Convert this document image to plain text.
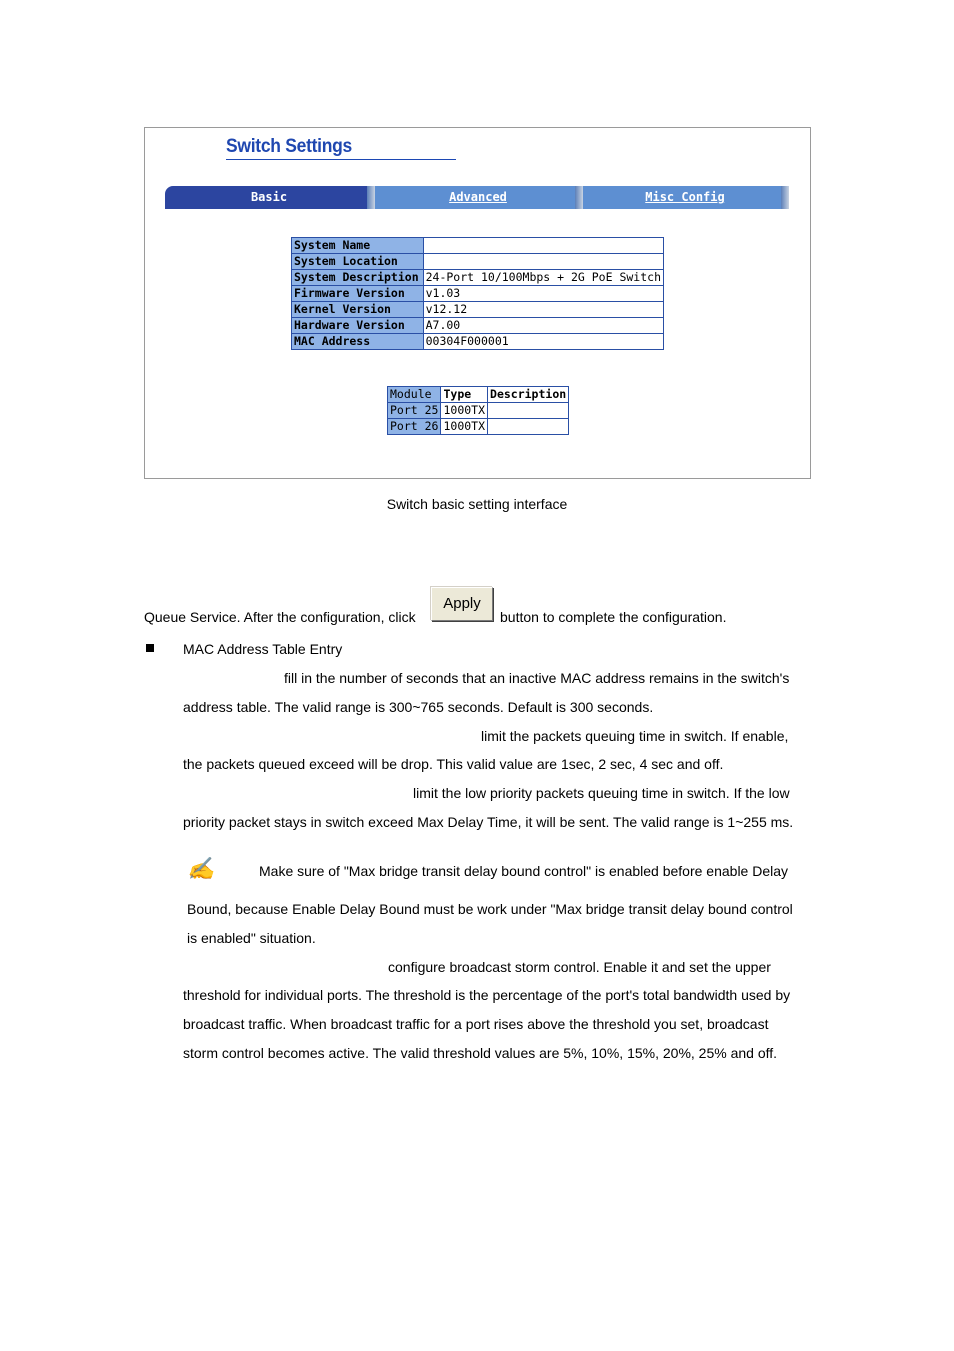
Switch Settings
Basic	Advanced	Misc Config
System Name	
System Location	
System Description	24-Port 10/100Mbps + 2G PoE Switch
Firmware Version	v1.03
Kernel Version	v12.12
Hardware Version	A7.00
MAC Address	00304F000001
Module	Type	Description
Port 25	1000TX	
Port 26	1000TX	
Switch basic setting interface
Queue Service. After the configuration, click
Apply
button to complete the configuration.
MAC Address Table Entry
fill in the number of seconds that an inactive MAC address remains in the switch's
address table. The valid range is 300~765 seconds. Default is 300 seconds.
limit the packets queuing time in switch. If enable,
the packets queued exceed will be drop. This valid value are 1sec, 2 sec, 4 sec and off.
limit the low priority packets queuing time in switch. If the low
priority packet stays in switch exceed Max Delay Time, it will be sent. The valid range is 1~255 ms.
✍	Make sure of "Max bridge transit delay bound control" is enabled before enable Delay
Bound, because Enable Delay Bound must be work under "Max bridge transit delay bound control
is enabled" situation.
configure broadcast storm control. Enable it and set the upper
threshold for individual ports. The threshold is the percentage of the port's total bandwidth used by
broadcast traffic. When broadcast traffic for a port rises above the threshold you set, broadcast
storm control becomes active. The valid threshold values are 5%, 10%, 15%, 20%, 25% and off.
